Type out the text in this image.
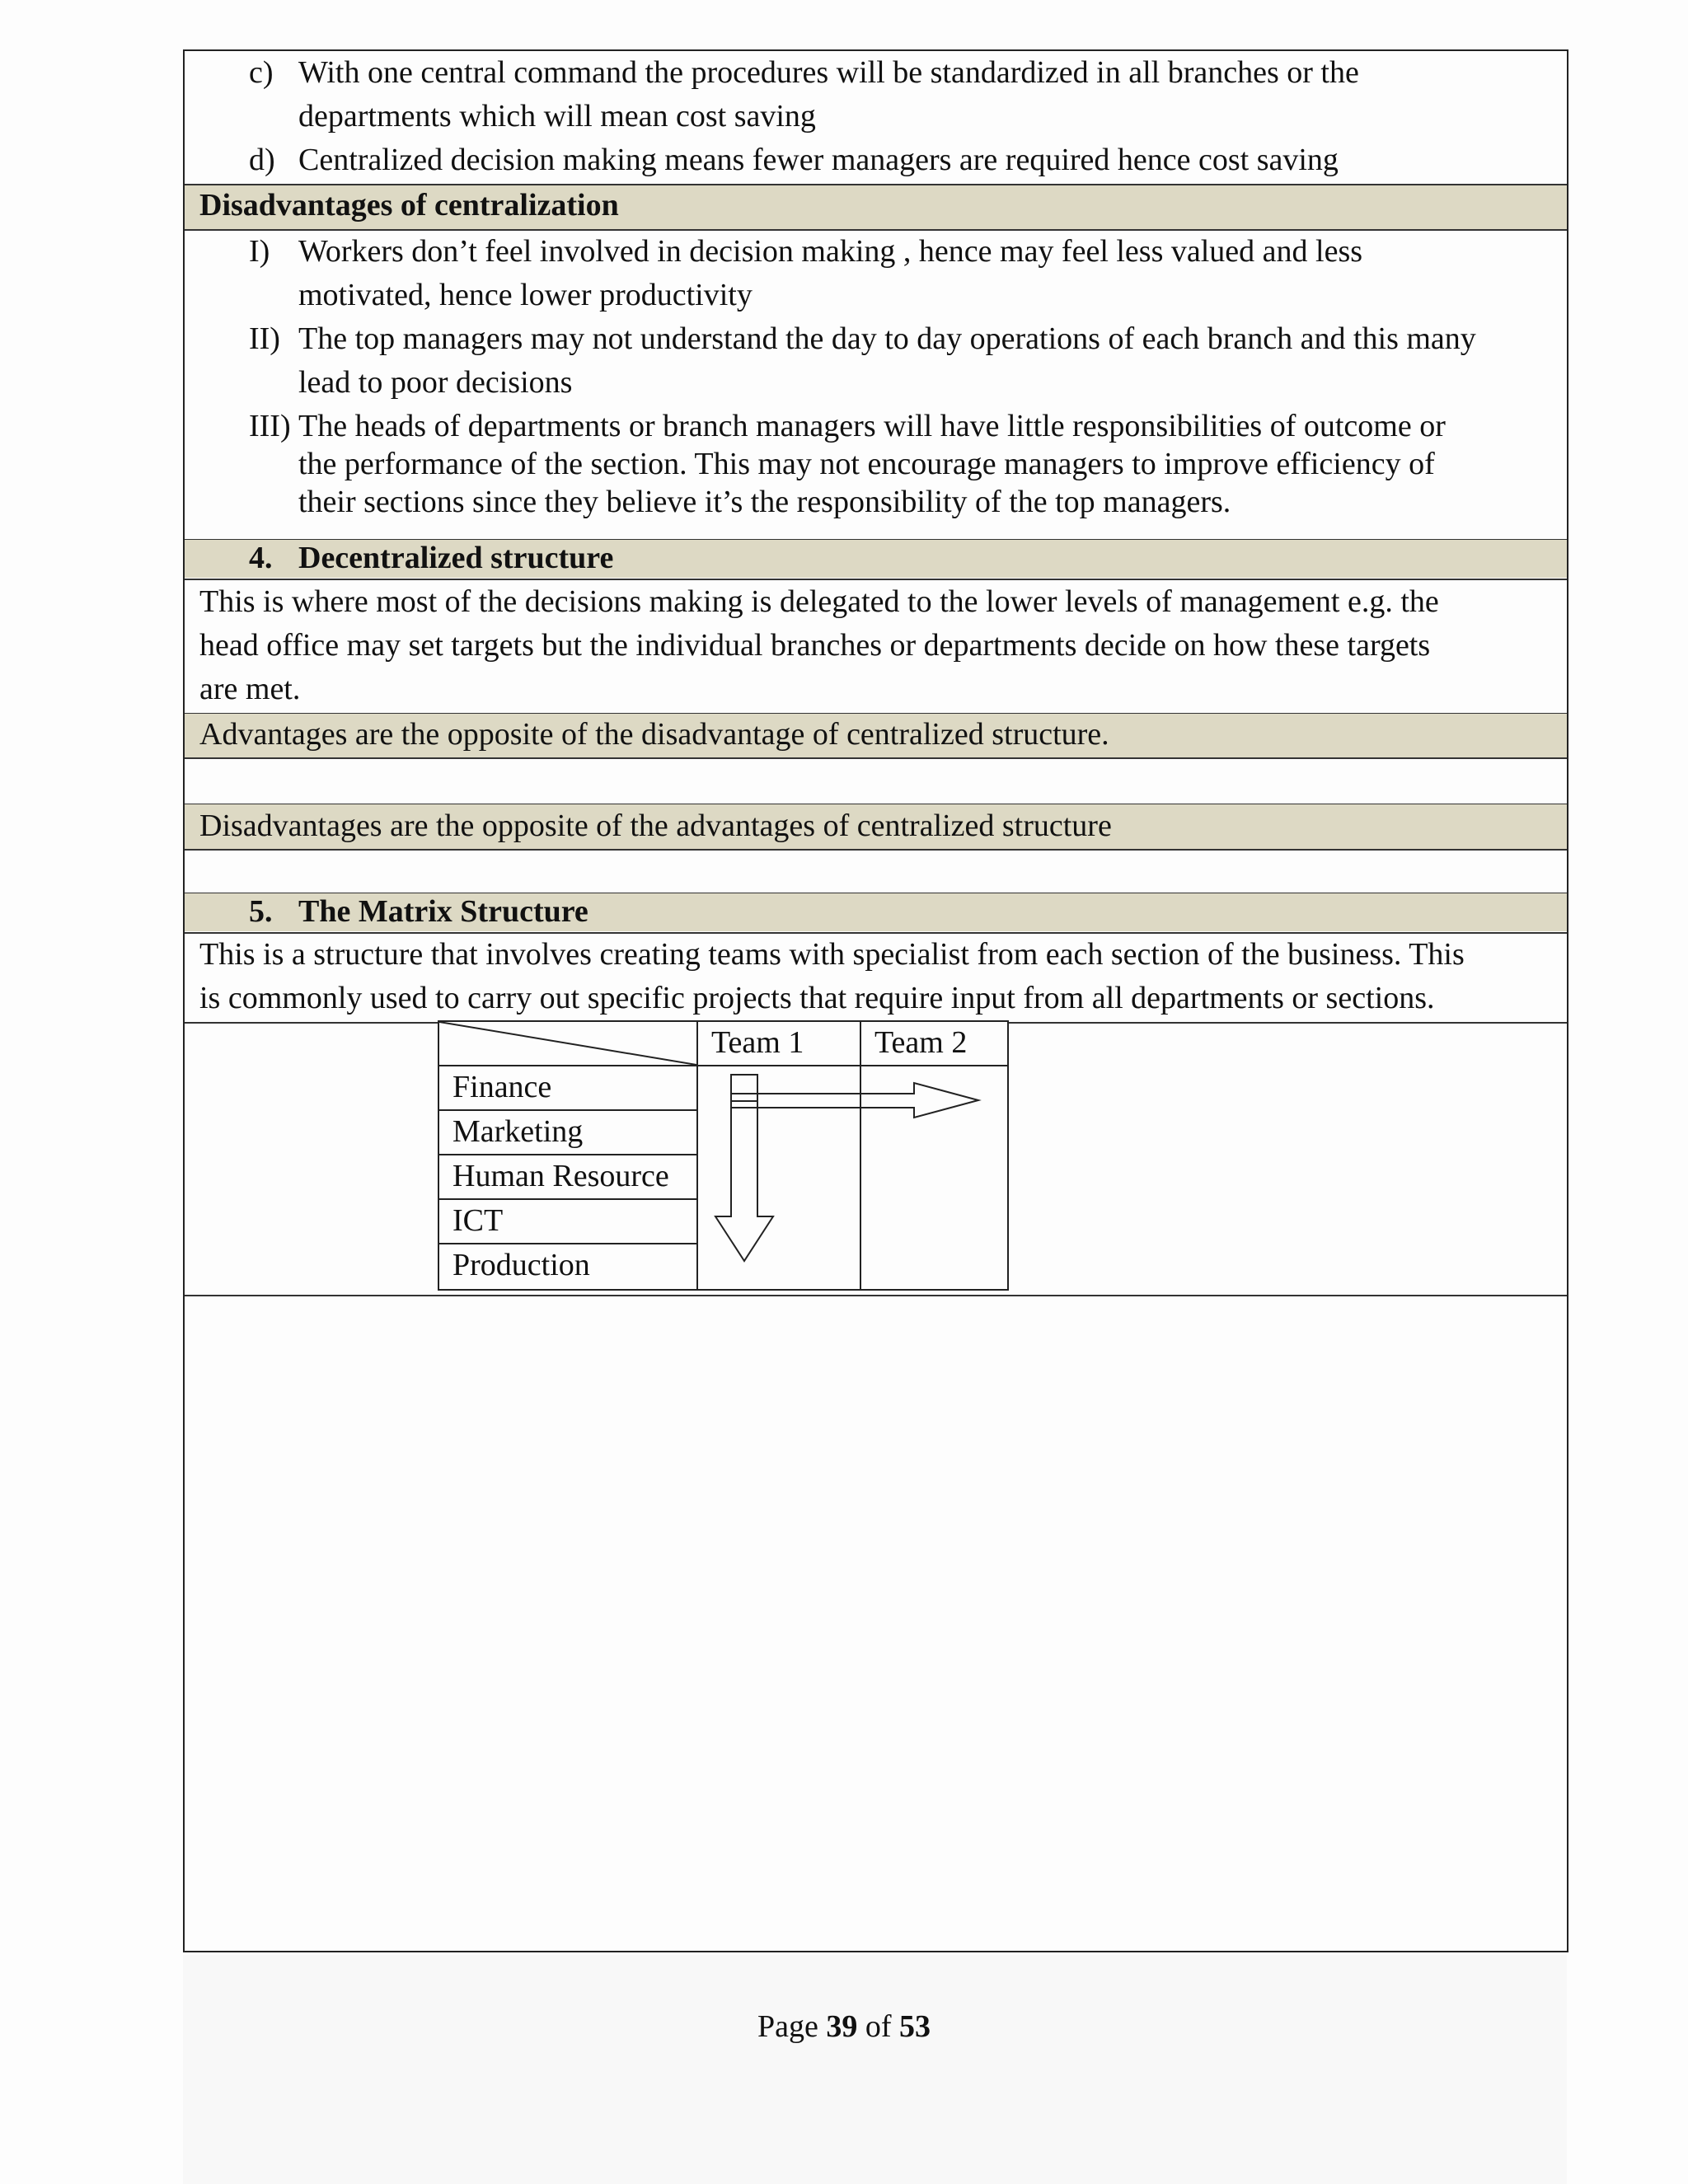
c) With one central command the procedures will be standardized in all branches or the
departments which will mean cost saving
d) Centralized decision making means fewer managers are required hence cost saving
Disadvantages of centralization
I) Workers don’t feel involved in decision making , hence may feel less valued and less
motivated, hence lower productivity
II) The top managers may not understand the day to day operations of each branch and this many
lead to poor decisions
III) The heads of departments or branch managers will have little responsibilities of outcome or
the performance of the section. This may not encourage managers to improve efficiency of
their sections since they believe it’s the responsibility of the top managers.
4. Decentralized structure
This is where most of the decisions making is delegated to the lower levels of management e.g. the
head office may set targets but the individual branches or departments decide on how these targets
are met.
Advantages are the opposite of the disadvantage of centralized structure.
Disadvantages are the opposite of the advantages of centralized structure
5. The Matrix Structure
This is a structure that involves creating teams with specialist from each section of the business. This
is commonly used to carry out specific projects that require input from all departments or sections.
Team 1	Team 2
Finance
Marketing
Human Resource
ICT
Production
Page 39 of 53
